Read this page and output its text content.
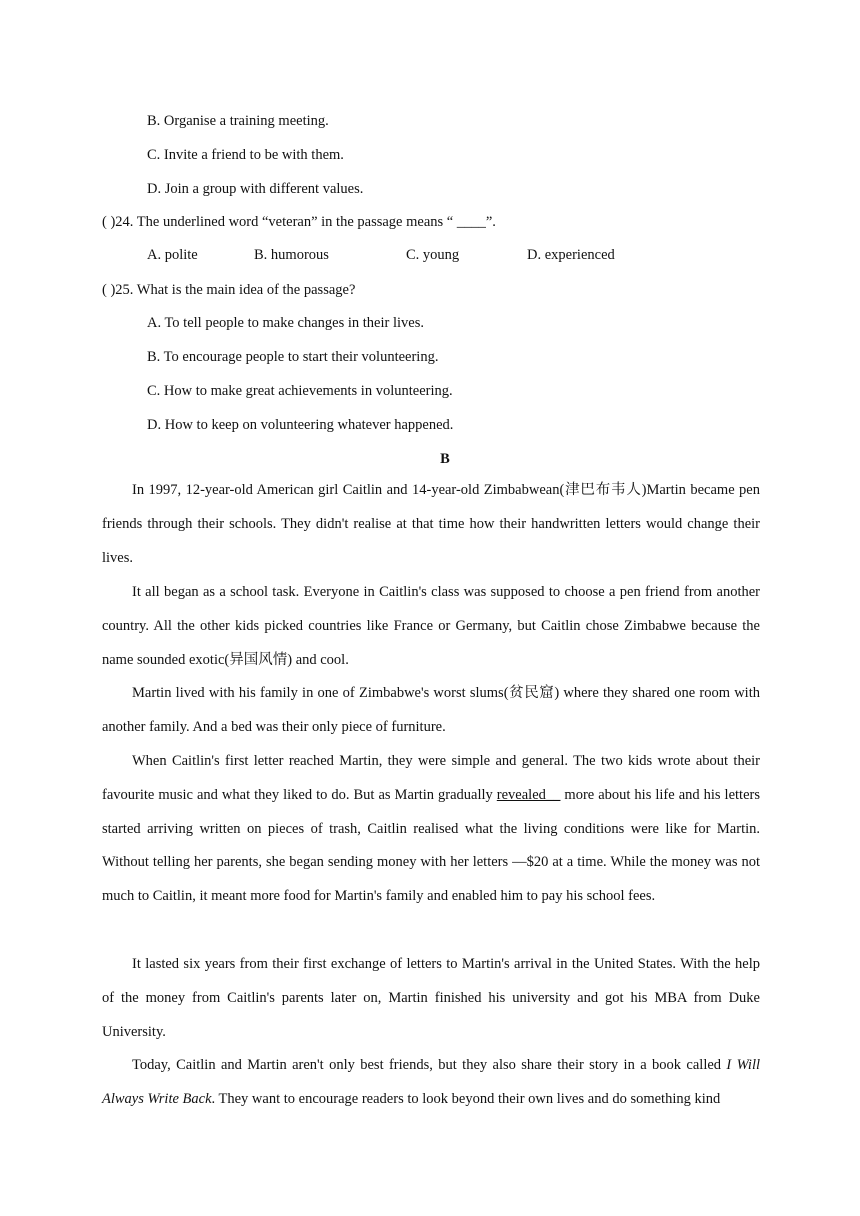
B. Organise a training meeting.
C. Invite a friend to be with them.
D. Join a group with different values.
( )24. The underlined word “veteran” in the passage means “ ____”.
A. polite	B. humorous	C. young	D. experienced
( )25. What is the main idea of the passage?
A. To tell people to make changes in their lives.
B. To encourage people to start their volunteering.
C. How to make great achievements in volunteering.
D. How to keep on volunteering whatever happened.
B
In 1997, 12-year-old American girl Caitlin and 14-year-old Zimbabwean(津巴布韦人)Martin became pen friends through their schools. They didn't realise at that time how their handwritten letters would change their lives.
It all began as a school task. Everyone in Caitlin's class was supposed to choose a pen friend from another country. All the other kids picked countries like France or Germany, but Caitlin chose Zimbabwe because the name sounded exotic(异国风情) and cool.
Martin lived with his family in one of Zimbabwe's worst slums(贫民窟) where they shared one room with another family. And a bed was their only piece of furniture.
When Caitlin's first letter reached Martin, they were simple and general. The two kids wrote about their favourite music and what they liked to do. But as Martin gradually revealed__ more about his life and his letters started arriving written on pieces of trash, Caitlin realised what the living conditions were like for Martin. Without telling her parents, she began sending money with her letters —$20 at a time. While the money was not much to Caitlin, it meant more food for Martin's family and enabled him to pay his school fees.
It lasted six years from their first exchange of letters to Martin's arrival in the United States. With the help of the money from Caitlin's parents later on, Martin finished his university and got his MBA from Duke University.
Today, Caitlin and Martin aren't only best friends, but they also share their story in a book called I Will Always Write Back. They want to encourage readers to look beyond their own lives and do something kind
